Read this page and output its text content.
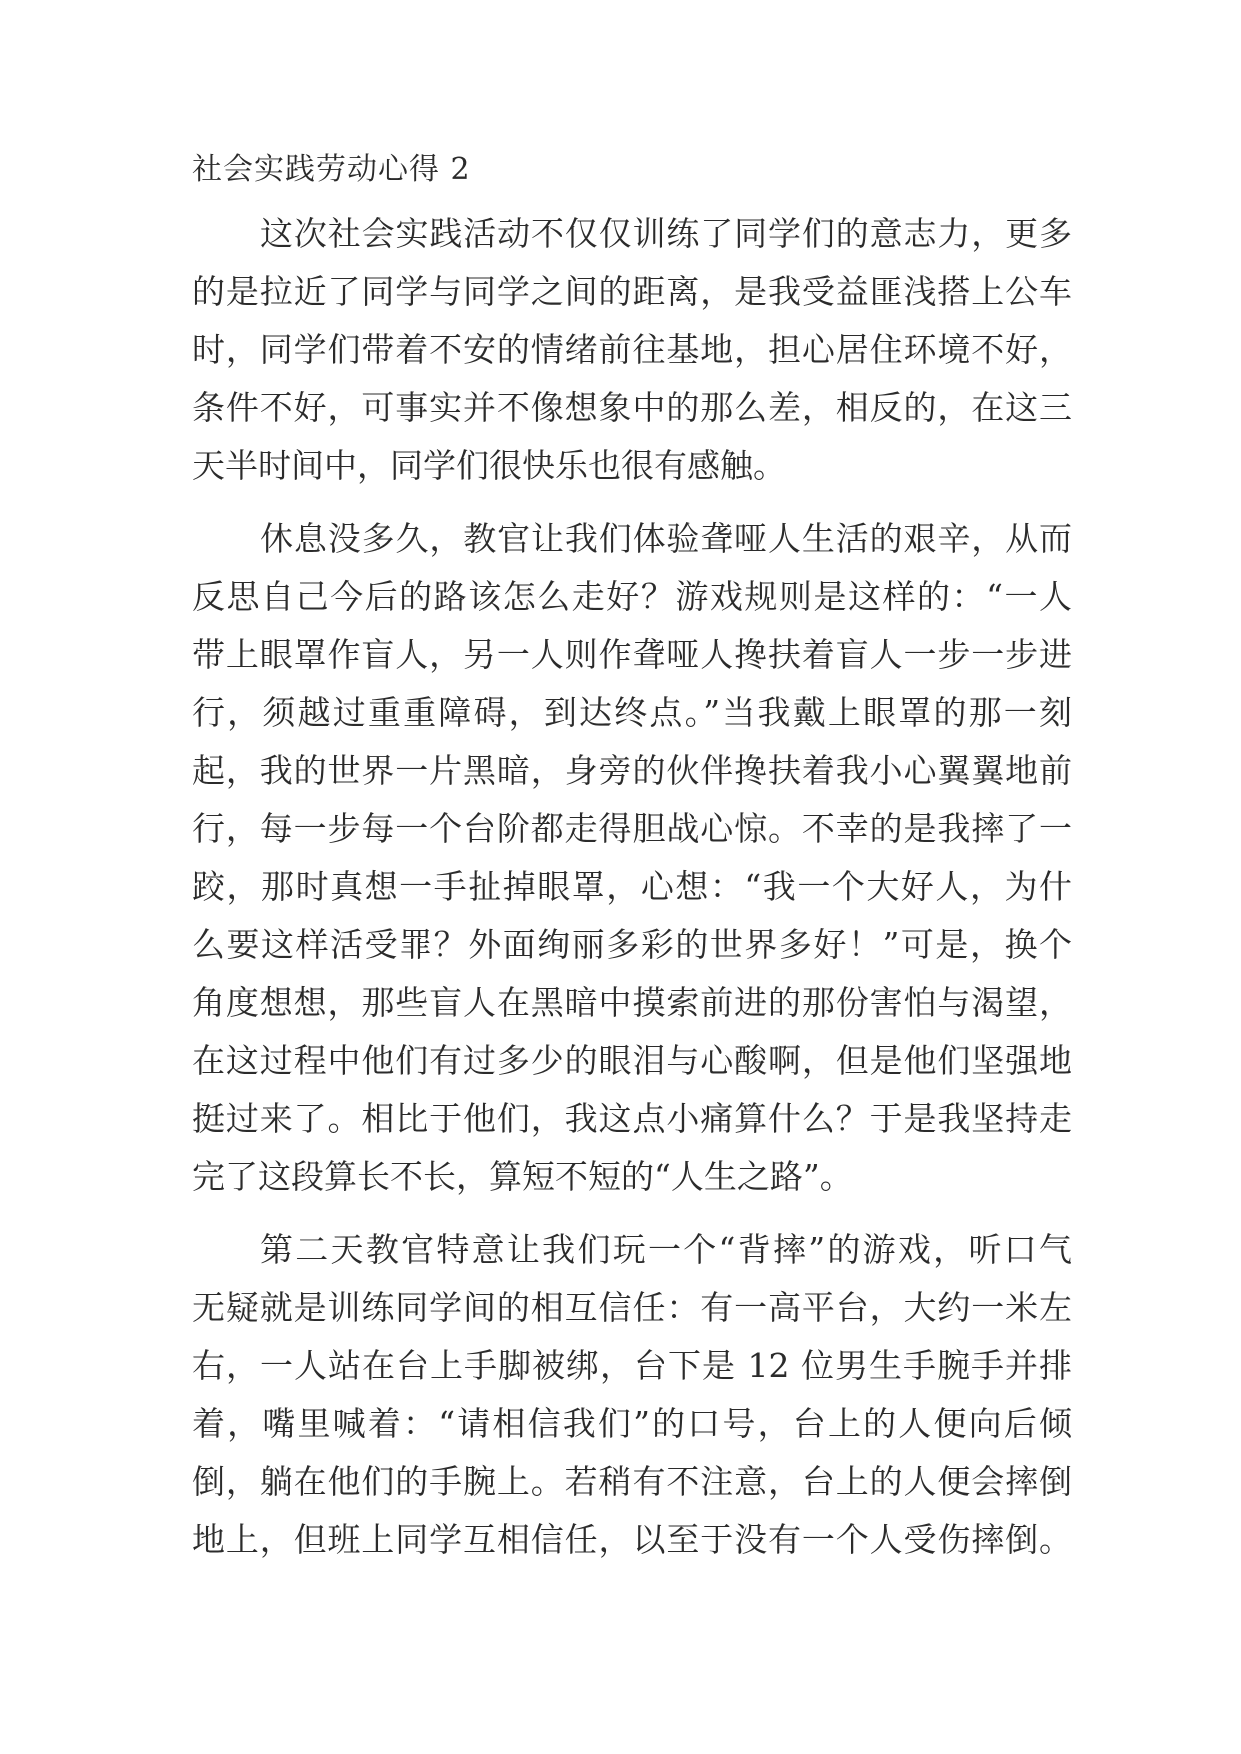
社会实践劳动心得 2
这次社会实践活动不仅仅训练了同学们的意志力，更多
的是拉近了同学与同学之间的距离，是我受益匪浅搭上公车
时，同学们带着不安的情绪前往基地，担心居住环境不好，
条件不好，可事实并不像想象中的那么差，相反的，在这三
天半时间中，同学们很快乐也很有感触。
休息没多久，教官让我们体验聋哑人生活的艰辛，从而
反思自己今后的路该怎么走好？游戏规则是这样的：“一人
带上眼罩作盲人，另一人则作聋哑人搀扶着盲人一步一步进
行，须越过重重障碍，到达终点。”当我戴上眼罩的那一刻
起，我的世界一片黑暗，身旁的伙伴搀扶着我小心翼翼地前
行，每一步每一个台阶都走得胆战心惊。不幸的是我摔了一
跤，那时真想一手扯掉眼罩，心想：“我一个大好人，为什
么要这样活受罪？外面绚丽多彩的世界多好！”可是，换个
角度想想，那些盲人在黑暗中摸索前进的那份害怕与渴望，
在这过程中他们有过多少的眼泪与心酸啊，但是他们坚强地
挺过来了。相比于他们，我这点小痛算什么？于是我坚持走
完了这段算长不长，算短不短的“人生之路”。
第二天教官特意让我们玩一个“背摔”的游戏，听口气
无疑就是训练同学间的相互信任：有一高平台，大约一米左
右，一人站在台上手脚被绑，台下是 12 位男生手腕手并排
着，嘴里喊着：“请相信我们”的口号，台上的人便向后倾
倒，躺在他们的手腕上。若稍有不注意，台上的人便会摔倒
地上，但班上同学互相信任，以至于没有一个人受伤摔倒。
